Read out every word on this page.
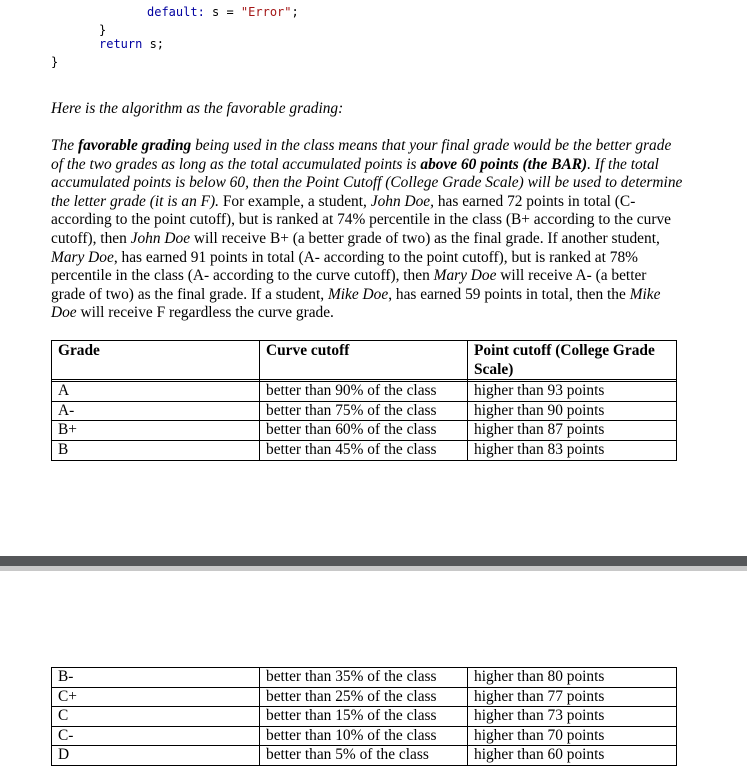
default: s = "Error";
}
return s;
}
Here is the algorithm as the favorable grading:
The favorable grading being used in the class means that your final grade would be the better grade of the two grades as long as the total accumulated points is above 60 points (the BAR). If the total accumulated points is below 60, then the Point Cutoff (College Grade Scale) will be used to determine the letter grade (it is an F). For example, a student, John Doe, has earned 72 points in total (C- according to the point cutoff), but is ranked at 74% percentile in the class (B+ according to the curve cutoff), then John Doe will receive B+ (a better grade of two) as the final grade. If another student, Mary Doe, has earned 91 points in total (A- according to the point cutoff), but is ranked at 78% percentile in the class (A- according to the curve cutoff), then Mary Doe will receive A- (a better grade of two) as the final grade. If a student, Mike Doe, has earned 59 points in total, then the Mike Doe will receive F regardless the curve grade.
Grade	Curve cutoff	Point cutoff (College Grade Scale)

A	better than 90% of the class	higher than 93 points
A-	better than 75% of the class	higher than 90 points
B+	better than 60% of the class	higher than 87 points
B	better than 45% of the class	higher than 83 points
B-	better than 35% of the class	higher than 80 points
C+	better than 25% of the class	higher than 77 points
C	better than 15% of the class	higher than 73 points
C-	better than 10% of the class	higher than 70 points
D	better than 5% of the class	higher than 60 points
